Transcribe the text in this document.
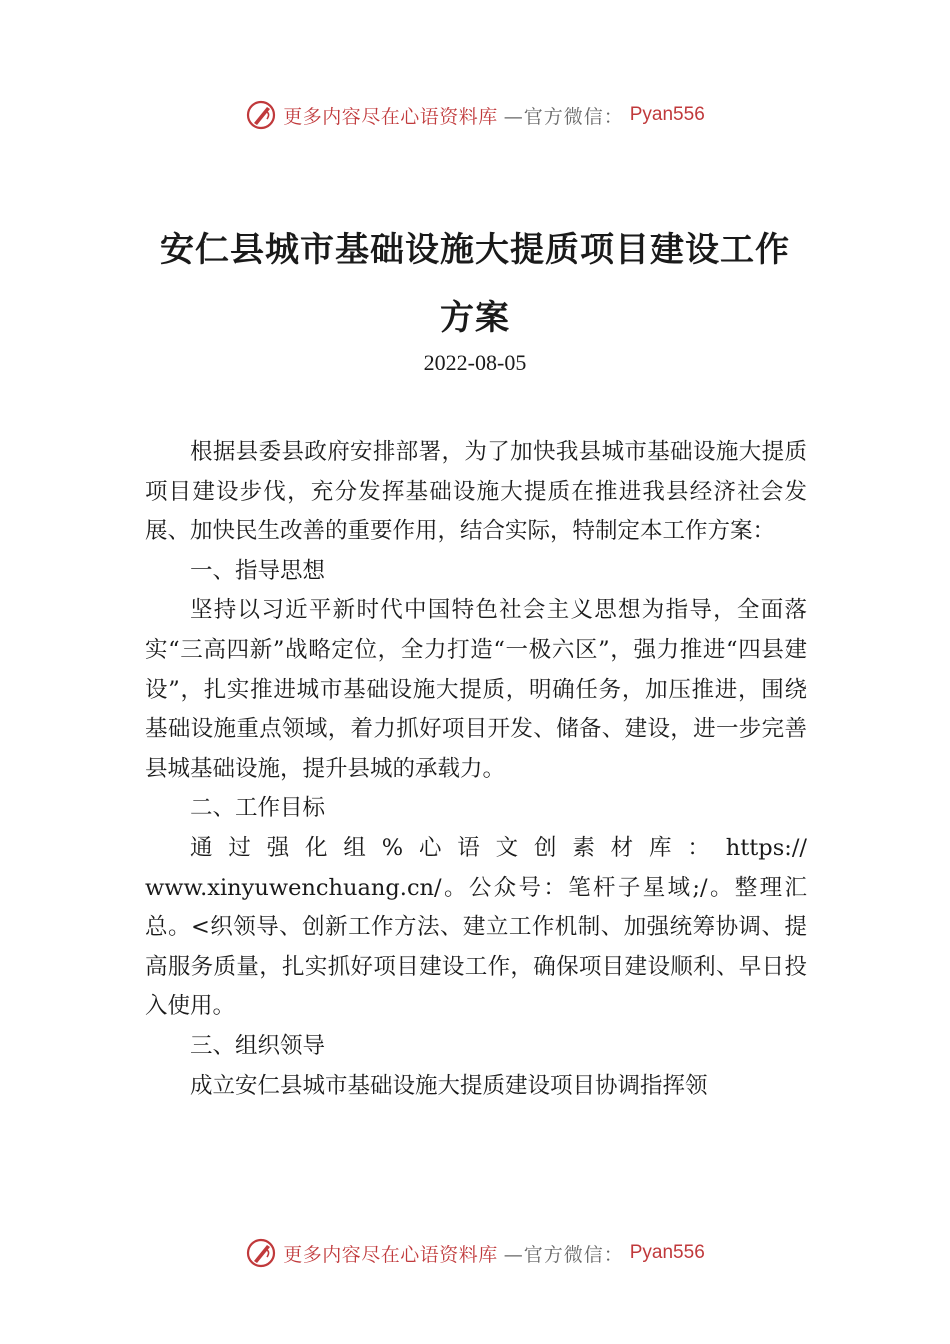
更多内容尽在心语资料库 —官方微信： Pyan556
安仁县城市基础设施大提质项目建设工作
方案
2022-08-05

根据县委县政府安排部署，为了加快我县城市基础设施大提质项目建设步伐，充分发挥基础设施大提质在推进我县经济社会发展、加快民生改善的重要作用，结合实际，特制定本工作方案：

一、指导思想

坚持以习近平新时代中国特色社会主义思想为指导，全面落实“三高四新”战略定位，全力打造“一极六区”，强力推进“四县建设”，扎实推进城市基础设施大提质，明确任务，加压推进，围绕基础设施重点领域，着力抓好项目开发、储备、建设，进一步完善县城基础设施，提升县城的承载力。

二、工作目标

通过强化组%心语文创素材库：https://

www.xinyuwenchuang.cn/。公众号：笔杆子星域;/。整理汇总。<织领导、创新工作方法、建立工作机制、加强统筹协调、提高服务质量，扎实抓好项目建设工作，确保项目建设顺利、早日投入使用。

三、组织领导

成立安仁县城市基础设施大提质建设项目协调指挥领

更多内容尽在心语资料库 —官方微信： Pyan556
